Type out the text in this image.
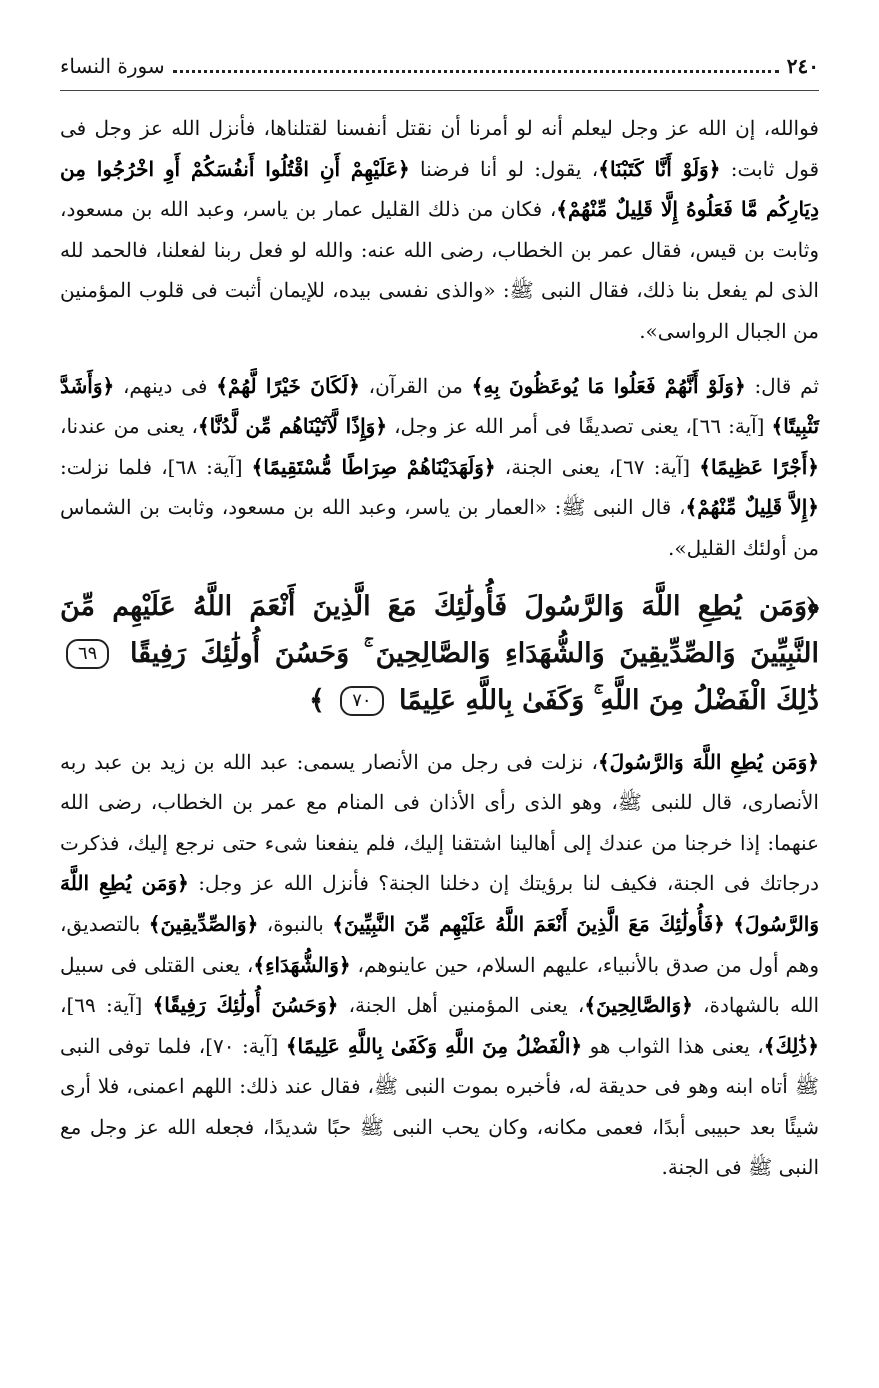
٢٤٠
سورة النساء

فوالله، إن الله عز وجل ليعلم أنه لو أمرنا أن نقتل أنفسنا لقتلناها، فأنزل الله عز وجل فى قول ثابت: ﴿وَلَوْ أَنَّا كَتَبْنَا﴾، يقول: لو أنا فرضنا ﴿عَلَيْهِمْ أَنِ اقْتُلُوا أَنفُسَكُمْ أَوِ اخْرُجُوا مِن دِيَارِكُم مَّا فَعَلُوهُ إِلَّا قَلِيلٌ مِّنْهُمْ﴾، فكان من ذلك القليل عمار بن ياسر، وعبد الله بن مسعود، وثابت بن قيس، فقال عمر بن الخطاب، رضى الله عنه: والله لو فعل ربنا لفعلنا، فالحمد لله الذى لم يفعل بنا ذلك، فقال النبى ﷺ: «والذى نفسى بيده، للإيمان أثبت فى قلوب المؤمنين من الجبال الرواسى».

ثم قال: ﴿وَلَوْ أَنَّهُمْ فَعَلُوا مَا يُوعَظُونَ بِهِ﴾ من القرآن، ﴿لَكَانَ خَيْرًا لَّهُمْ﴾ فى دينهم، ﴿وَأَشَدَّ تَثْبِيتًا﴾ [آية: ٦٦]، يعنى تصديقًا فى أمر الله عز وجل، ﴿وَإِذًا لَّآتَيْنَاهُم مِّن لَّدُنَّا﴾، يعنى من عندنا، ﴿أَجْرًا عَظِيمًا﴾ [آية: ٦٧]، يعنى الجنة، ﴿وَلَهَدَيْنَاهُمْ صِرَاطًا مُّسْتَقِيمًا﴾ [آية: ٦٨]، فلما نزلت: ﴿إِلاَّ قَلِيلٌ مِّنْهُمْ﴾، قال النبى ﷺ: «العمار بن ياسر، وعبد الله بن مسعود، وثابت بن الشماس من أولئك القليل».

﴿وَمَن يُطِعِ اللَّهَ وَالرَّسُولَ فَأُولَٰئِكَ مَعَ الَّذِينَ أَنْعَمَ اللَّهُ عَلَيْهِم مِّنَ النَّبِيِّينَ وَالصِّدِّيقِينَ وَالشُّهَدَاءِ وَالصَّالِحِينَ ۚ وَحَسُنَ أُولَٰئِكَ رَفِيقًا ٦٩ ذَٰلِكَ الْفَضْلُ مِنَ اللَّهِ ۚ وَكَفَىٰ بِاللَّهِ عَلِيمًا ٧٠ ﴾

﴿وَمَن يُطِعِ اللَّهَ وَالرَّسُولَ﴾، نزلت فى رجل من الأنصار يسمى: عبد الله بن زيد بن عبد ربه الأنصارى، قال للنبى ﷺ، وهو الذى رأى الأذان فى المنام مع عمر بن الخطاب، رضى الله عنهما: إذا خرجنا من عندك إلى أهالينا اشتقنا إليك، فلم ينفعنا شىء حتى نرجع إليك، فذكرت درجاتك فى الجنة، فكيف لنا برؤيتك إن دخلنا الجنة؟ فأنزل الله عز وجل: ﴿وَمَن يُطِعِ اللَّهَ وَالرَّسُولَ﴾ ﴿فَأُولَٰئِكَ مَعَ الَّذِينَ أَنْعَمَ اللَّهُ عَلَيْهِم مِّنَ النَّبِيِّينَ﴾ بالنبوة، ﴿وَالصِّدِّيقِينَ﴾ بالتصديق، وهم أول من صدق بالأنبياء، عليهم السلام، حين عاينوهم، ﴿وَالشُّهَدَاءِ﴾، يعنى القتلى فى سبيل الله بالشهادة، ﴿وَالصَّالِحِينَ﴾، يعنى المؤمنين أهل الجنة، ﴿وَحَسُنَ أُولَٰئِكَ رَفِيقًا﴾ [آية: ٦٩]، ﴿ذَٰلِكَ﴾، يعنى هذا الثواب هو ﴿الْفَضْلُ مِنَ اللَّهِ وَكَفَىٰ بِاللَّهِ عَلِيمًا﴾ [آية: ٧٠]، فلما توفى النبى ﷺ أتاه ابنه وهو فى حديقة له، فأخبره بموت النبى ﷺ، فقال عند ذلك: اللهم اعمنى، فلا أرى شيئًا بعد حبيبى أبدًا، فعمى مكانه، وكان يحب النبى ﷺ حبًا شديدًا، فجعله الله عز وجل مع النبى ﷺ فى الجنة.
